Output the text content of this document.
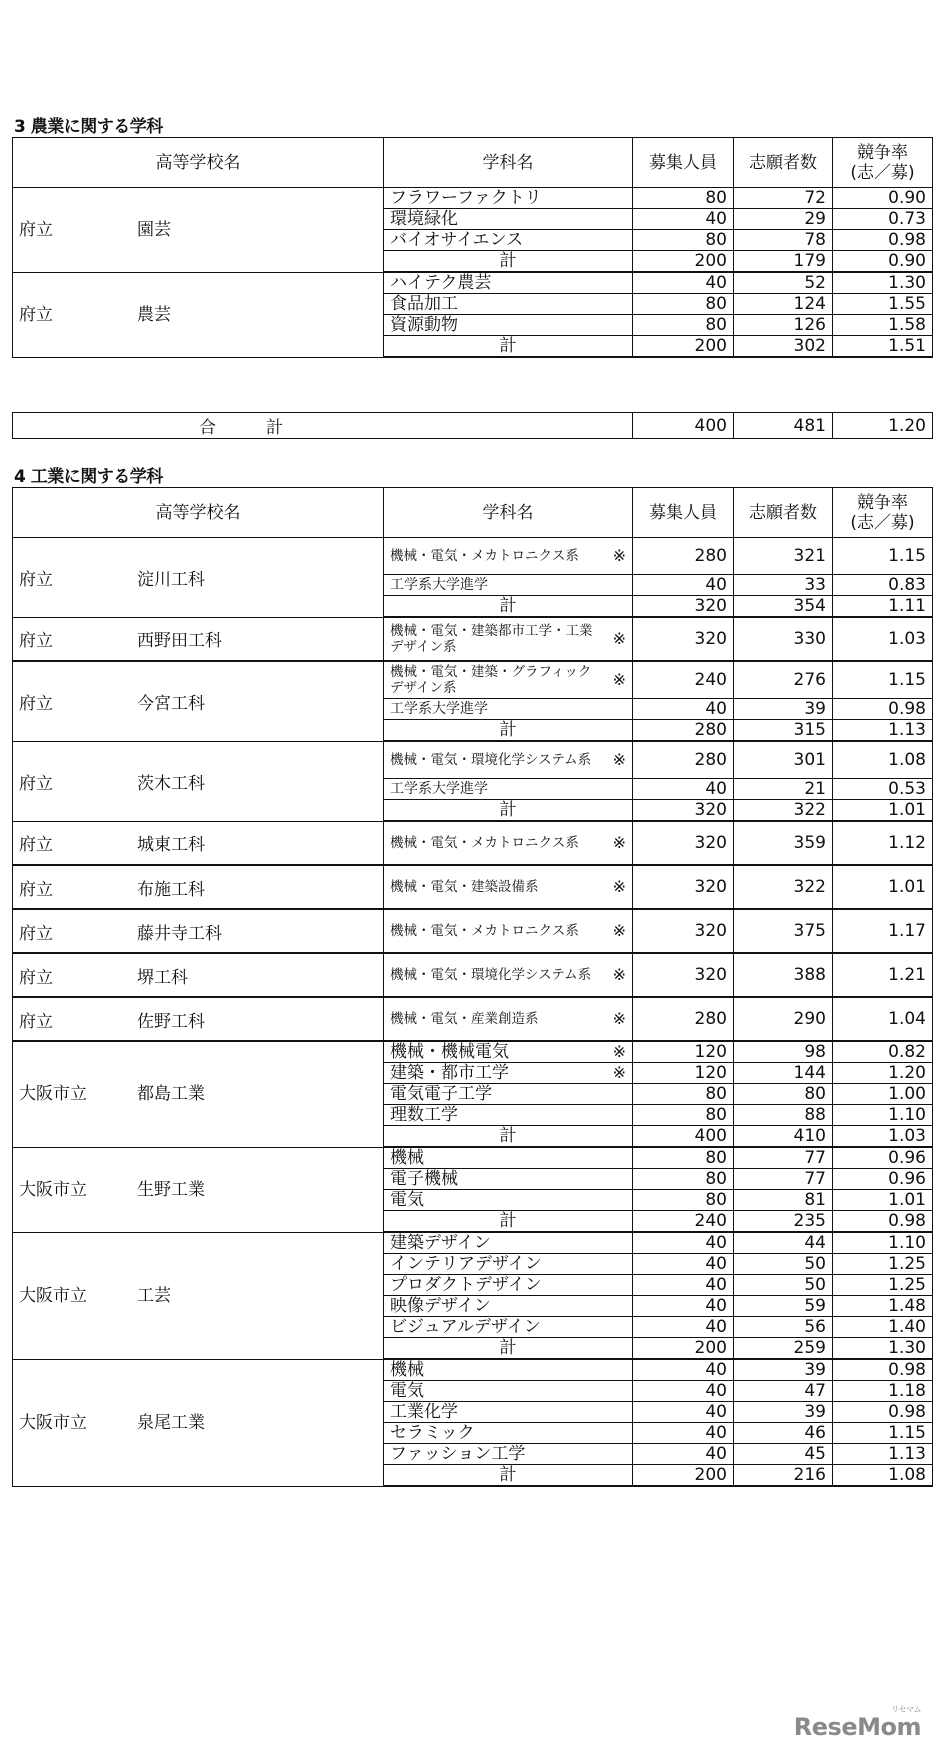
3 農業に関する学科
高等学校名	学科名	募集人員	志願者数	競争率
(志／募)
府立 園芸	フラワーファクトリ	80	72	0.90
	環境緑化	40	29	0.73
	バイオサイエンス	80	78	0.98
	計	200	179	0.90
府立 農芸	ハイテク農芸	40	52	1.30
	食品加工	80	124	1.55
	資源動物	80	126	1.58
	計	200	302	1.51
合	計	400	481	1.20
4 工業に関する学科
高等学校名	学科名	募集人員	志願者数	競争率
(志／募)
府立 淀川工科	機械・電気・メカトロニクス系 ※	280	321	1.15
	工学系大学進学	40	33	0.83
	計	320	354	1.11
府立 西野田工科	機械・電気・建築都市工学・工業デザイン系 ※	320	330	1.03
府立 今宮工科	機械・電気・建築・グラフィックデザイン系 ※	240	276	1.15
	工学系大学進学	40	39	0.98
	計	280	315	1.13
府立 茨木工科	機械・電気・環境化学システム系 ※	280	301	1.08
	工学系大学進学	40	21	0.53
	計	320	322	1.01
府立 城東工科	機械・電気・メカトロニクス系 ※	320	359	1.12
府立 布施工科	機械・電気・建築設備系 ※	320	322	1.01
府立 藤井寺工科	機械・電気・メカトロニクス系 ※	320	375	1.17
府立 堺工科	機械・電気・環境化学システム系 ※	320	388	1.21
府立 佐野工科	機械・電気・産業創造系 ※	280	290	1.04
大阪市立 都島工業	機械・機械電気 ※	120	98	0.82
	建築・都市工学 ※	120	144	1.20
	電気電子工学	80	80	1.00
	理数工学	80	88	1.10
	計	400	410	1.03
大阪市立 生野工業	機械	80	77	0.96
	電子機械	80	77	0.96
	電気	80	81	1.01
	計	240	235	0.98
大阪市立 工芸	建築デザイン	40	44	1.10
	インテリアデザイン	40	50	1.25
	プロダクトデザイン	40	50	1.25
	映像デザイン	40	59	1.48
	ビジュアルデザイン	40	56	1.40
	計	200	259	1.30
大阪市立 泉尾工業	機械	40	39	0.98
	電気	40	47	1.18
	工業化学	40	39	0.98
	セラミック	40	46	1.15
	ファッション工学	40	45	1.13
	計	200	216	1.08
リセマム
ReseMom
